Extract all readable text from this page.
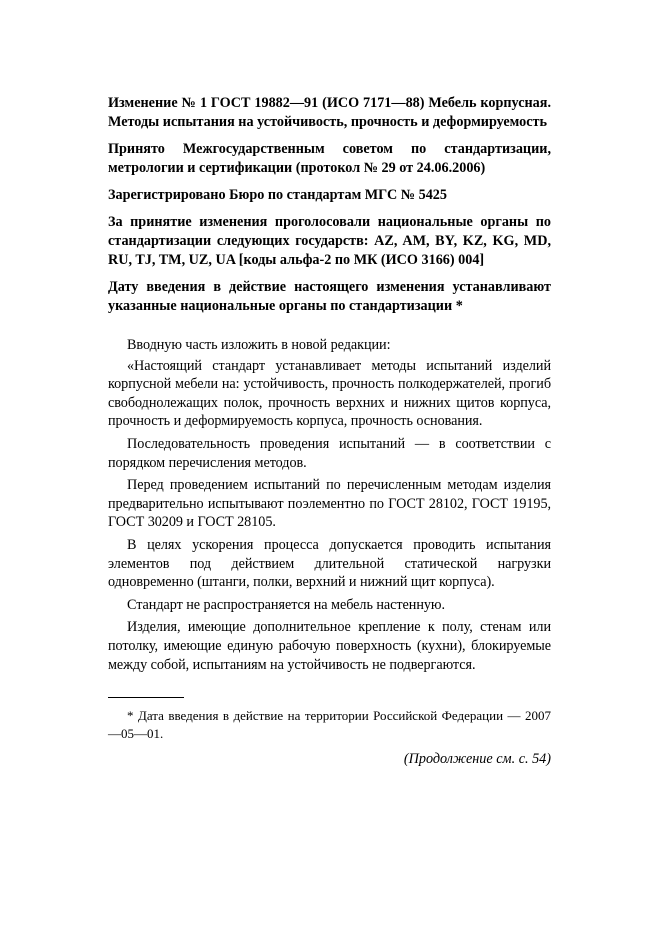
Изменение № 1 ГОСТ 19882—91 (ИСО 7171—88) Мебель корпусная. Методы испытания на устойчивость, прочность и деформируемость

Принято Межгосударственным советом по стандартизации, метрологии и сертификации (протокол № 29 от 24.06.2006)

Зарегистрировано Бюро по стандартам МГС № 5425

За принятие изменения проголосовали национальные органы по стандартизации следующих государств: AZ, AM, BY, KZ, KG, MD, RU, TJ, TM, UZ, UA [коды альфа-2 по МК (ИСО 3166) 004]

Дату введения в действие настоящего изменения устанавливают указанные национальные органы по стандартизации *

Вводную часть изложить в новой редакции:

«Настоящий стандарт устанавливает методы испытаний изделий корпусной мебели на: устойчивость, прочность полкодержателей, прогиб свободнолежащих полок, прочность верхних и нижних щитов корпуса, прочность и деформируемость корпуса, прочность основания.

Последовательность проведения испытаний — в соответствии с порядком перечисления методов.

Перед проведением испытаний по перечисленным методам изделия предварительно испытывают поэлементно по ГОСТ 28102, ГОСТ 19195, ГОСТ 30209 и ГОСТ 28105.

В целях ускорения процесса допускается проводить испытания элементов под действием длительной статической нагрузки одновременно (штанги, полки, верхний и нижний щит корпуса).

Стандарт не распространяется на мебель настенную.

Изделия, имеющие дополнительное крепление к полу, стенам или потолку, имеющие единую рабочую поверхность (кухни), блокируемые между собой, испытаниям на устойчивость не подвергаются.

* Дата введения в действие на территории Российской Федерации — 2007—05—01.

(Продолжение см. с. 54)
